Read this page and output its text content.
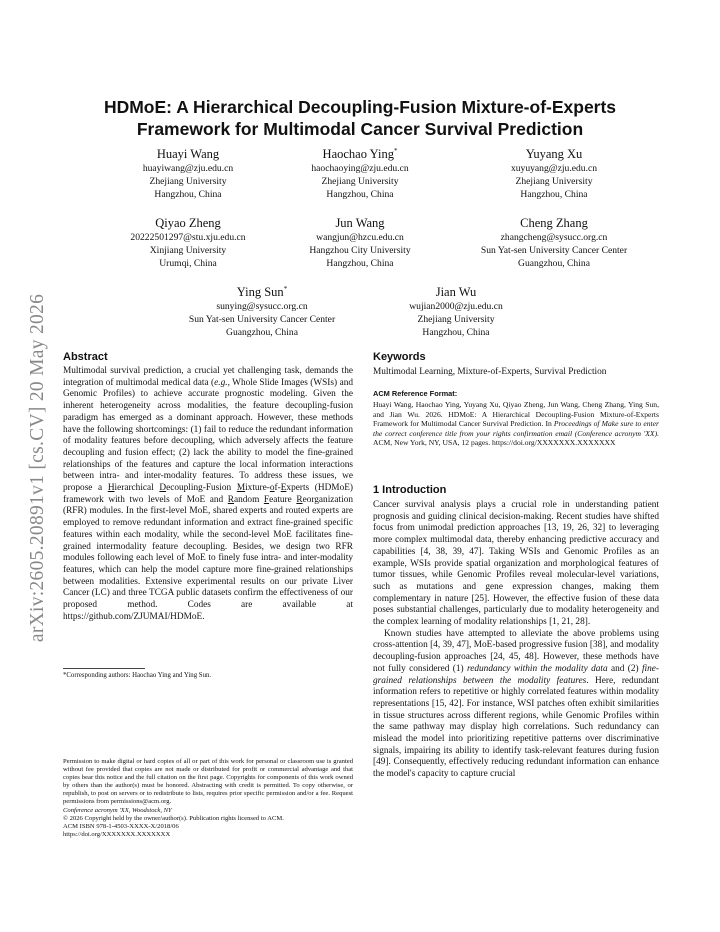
arXiv:2605.20891v1 [cs.CV] 20 May 2026
HDMoE: A Hierarchical Decoupling-Fusion Mixture-of-Experts
Framework for Multimodal Cancer Survival Prediction
Huayi Wang
huayiwang@zju.edu.cn
Zhejiang University
Hangzhou, China
Haochao Ying*
haochaoying@zju.edu.cn
Zhejiang University
Hangzhou, China
Yuyang Xu
xuyuyang@zju.edu.cn
Zhejiang University
Hangzhou, China
Qiyao Zheng
20222501297@stu.xju.edu.cn
Xinjiang University
Urumqi, China
Jun Wang
wangjun@hzcu.edu.cn
Hangzhou City University
Hangzhou, China
Cheng Zhang
zhangcheng@sysucc.org.cn
Sun Yat-sen University Cancer Center
Guangzhou, China
Ying Sun*
sunying@sysucc.org.cn
Sun Yat-sen University Cancer Center
Guangzhou, China
Jian Wu
wujian2000@zju.edu.cn
Zhejiang University
Hangzhou, China
Abstract

Multimodal survival prediction, a crucial yet challenging task, demands the integration of multimodal medical data (e.g., Whole Slide Images (WSIs) and Genomic Profiles) to achieve accurate prognostic modeling. Given the inherent heterogeneity across modalities, the feature decoupling-fusion paradigm has emerged as a dominant approach. However, these methods have the following shortcomings: (1) fail to reduce the redundant information of modality features before decoupling, which adversely affects the feature decoupling and fusion effect; (2) lack the ability to model the fine-grained relationships of the features and capture the local information interactions between intra- and inter-modality features. To address these issues, we propose a Hierarchical Decoupling-Fusion Mixture-of-Experts (HDMoE) framework with two levels of MoE and Random Feature Reorganization (RFR) modules. In the first-level MoE, shared experts and routed experts are employed to remove redundant information and extract fine-grained specific features within each modality, while the second-level MoE facilitates fine-grained intermodality feature decoupling. Besides, we design two RFR modules following each level of MoE to finely fuse intra- and inter-modality features, which can help the model capture more fine-grained relationships between modalities. Extensive experimental results on our private Liver Cancer (LC) and three TCGA public datasets confirm the effectiveness of our proposed method. Codes are available at https://github.com/ZJUMAI/HDMoE.

*Corresponding authors: Haochao Ying and Ying Sun.

Permission to make digital or hard copies of all or part of this work for personal or classroom use is granted without fee provided that copies are not made or distributed for profit or commercial advantage and that copies bear this notice and the full citation on the first page. Copyrights for components of this work owned by others than the author(s) must be honored. Abstracting with credit is permitted. To copy otherwise, or republish, to post on servers or to redistribute to lists, requires prior specific permission and/or a fee. Request permissions from permissions@acm.org.

Conference acronym 'XX, Woodstock, NY

© 2026 Copyright held by the owner/author(s). Publication rights licensed to ACM.

ACM ISBN 978-1-4503-XXXX-X/2018/06

https://doi.org/XXXXXXX.XXXXXXX

Keywords
Multimodal Learning, Mixture-of-Experts, Survival Prediction
ACM Reference Format:
Huayi Wang, Haochao Ying, Yuyang Xu, Qiyao Zheng, Jun Wang, Cheng Zhang, Ying Sun, and Jian Wu. 2026. HDMoE: A Hierarchical Decoupling-Fusion Mixture-of-Experts Framework for Multimodal Cancer Survival Prediction. In Proceedings of Make sure to enter the correct conference title from your rights confirmation email (Conference acronym 'XX). ACM, New York, NY, USA, 12 pages. https://doi.org/XXXXXXX.XXXXXXX
1 Introduction

Cancer survival analysis plays a crucial role in understanding patient prognosis and guiding clinical decision-making. Recent studies have shifted focus from unimodal prediction approaches [13, 19, 26, 32] to leveraging more complex multimodal data, thereby enhancing predictive accuracy and capabilities [4, 38, 39, 47]. Taking WSIs and Genomic Profiles as an example, WSIs provide spatial organization and morphological features of tumor tissues, while Genomic Profiles reveal molecular-level variations, such as mutations and gene expression changes, making them complementary in nature [25]. However, the effective fusion of these data poses substantial challenges, particularly due to modality heterogeneity and the complex learning of modality relationships [1, 21, 28].

Known studies have attempted to alleviate the above problems using cross-attention [4, 39, 47], MoE-based progressive fusion [38], and modality decoupling-fusion approaches [24, 45, 48]. However, these methods have not fully considered (1) redundancy within the modality data and (2) fine-grained relationships between the modality features. Here, redundant information refers to repetitive or highly correlated features within modality representations [15, 42]. For instance, WSI patches often exhibit similarities in tissue structures across different regions, while Genomic Profiles within the same pathway may display high correlations. Such redundancy can mislead the model into prioritizing repetitive patterns over discriminative signals, impairing its ability to identify task-relevant features during fusion [49]. Consequently, effectively reducing redundant information can enhance the model's capacity to capture crucial
